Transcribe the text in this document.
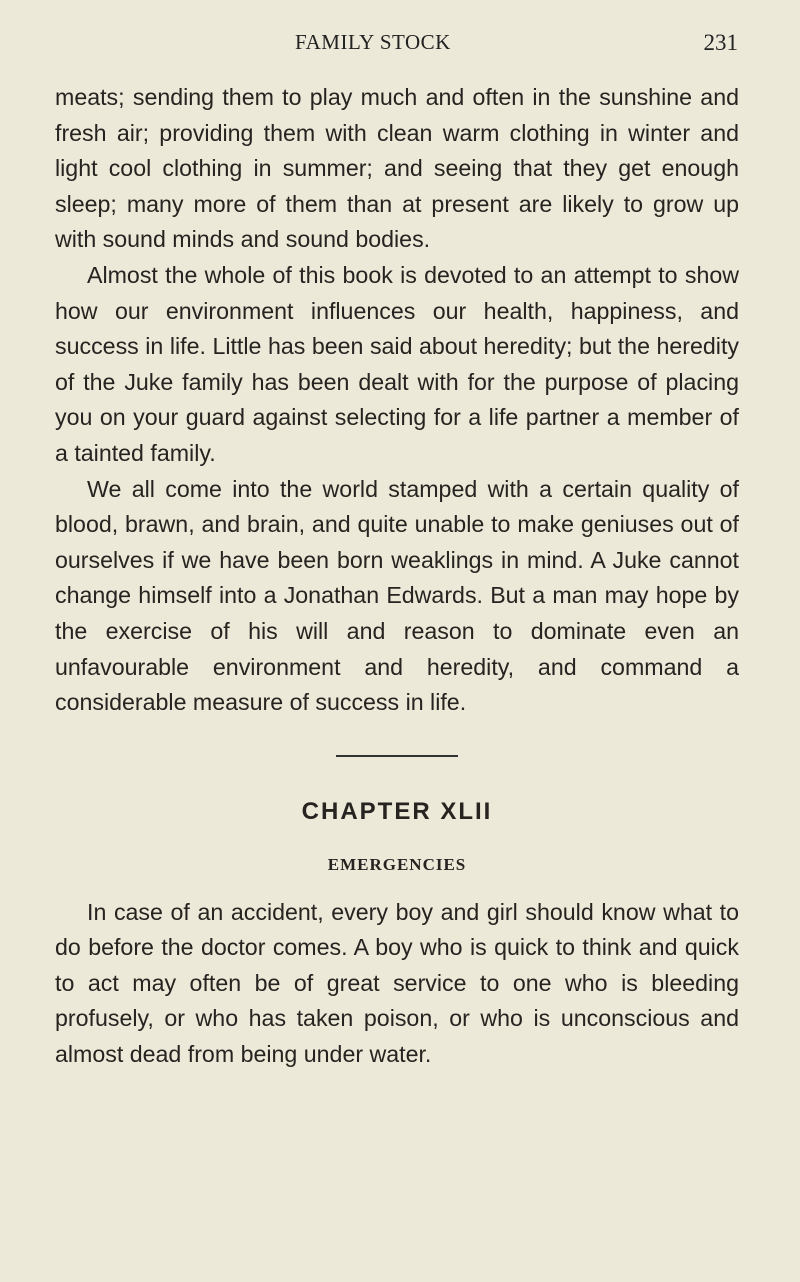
FAMILY STOCK	231

meats; sending them to play much and often in the sunshine and fresh air; providing them with clean warm clothing in winter and light cool clothing in summer; and seeing that they get enough sleep; many more of them than at present are likely to grow up with sound minds and sound bodies.

Almost the whole of this book is devoted to an attempt to show how our environment influences our health, happiness, and success in life. Little has been said about heredity; but the heredity of the Juke family has been dealt with for the purpose of placing you on your guard against selecting for a life partner a member of a tainted family.

We all come into the world stamped with a certain quality of blood, brawn, and brain, and quite unable to make geniuses out of ourselves if we have been born weaklings in mind. A Juke cannot change himself into a Jonathan Edwards. But a man may hope by the exercise of his will and reason to dominate even an unfavourable environment and heredity, and command a considerable measure of success in life.

CHAPTER XLII
EMERGENCIES

In case of an accident, every boy and girl should know what to do before the doctor comes. A boy who is quick to think and quick to act may often be of great service to one who is bleeding profusely, or who has taken poison, or who is unconscious and almost dead from being under water.
